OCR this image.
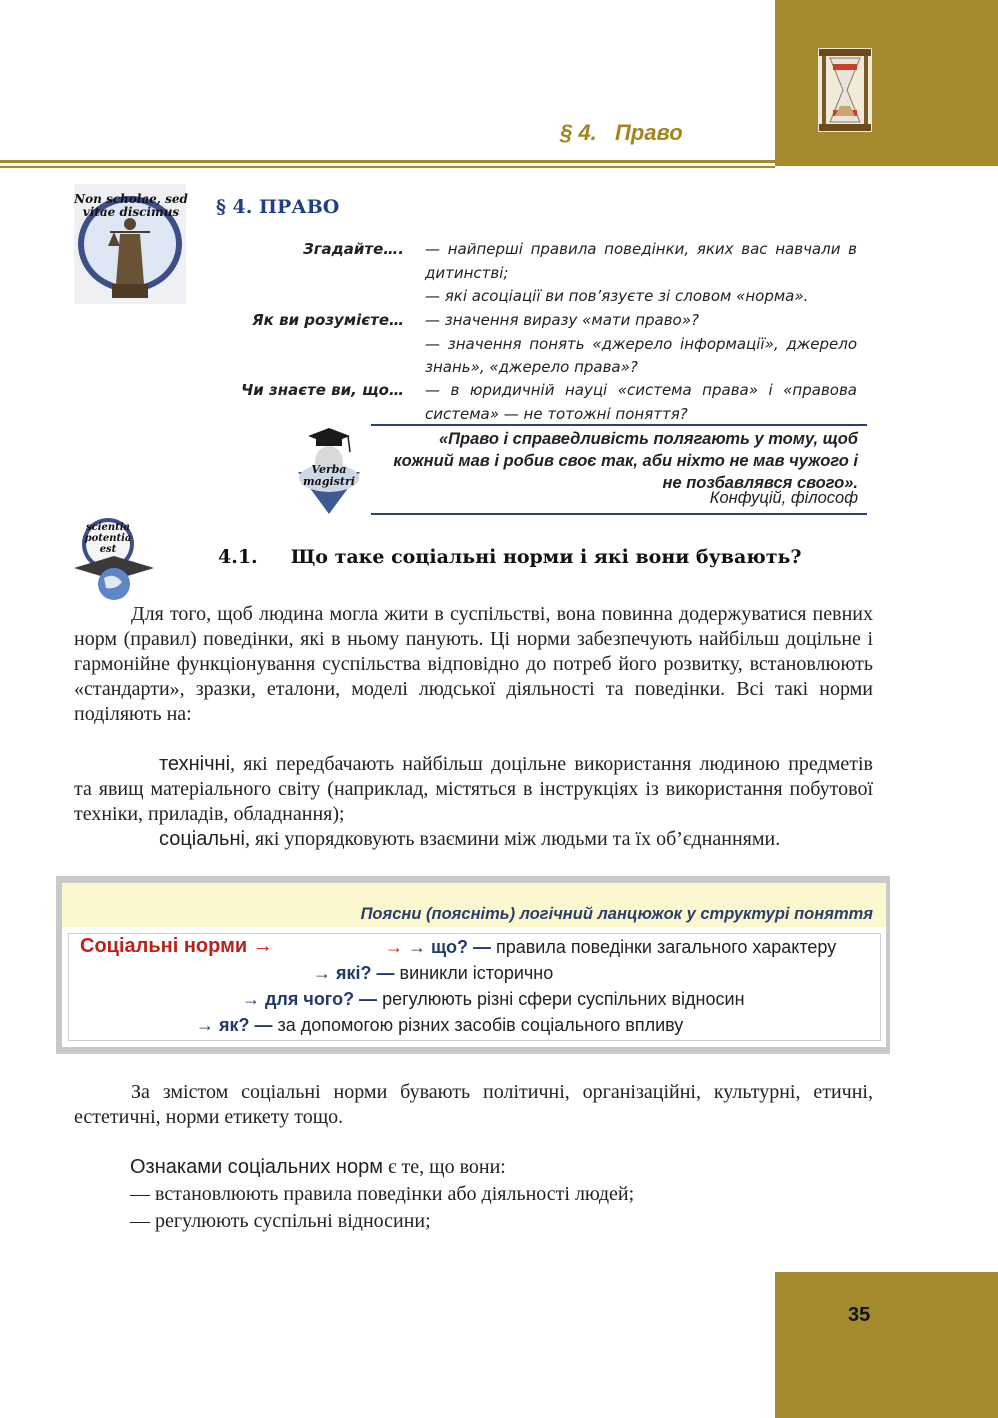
§ 4.   Право
Non scholae, sed vitae discimus	§ 4. ПРАВО
Згадайте…. — найперші правила поведінки, яких вас навчали в дитинстві;
— які асоціації ви пов’язуєте зі словом «норма».
Як ви розумієте… — значення виразу «мати право»?
— значення понять «джерело інформації», джерело знань», «джерело права»?
Чи знаєте ви, що… — в юридичній науці «система права» і «правова система» — не тотожні поняття?
Verba magistri
«Право і справедливість полягають у тому, щоб кожний мав і робив своє так, аби ніхто не мав чужого і не позбавлявся свого».
Конфуцій, філософ
scientia potentia est	4.1.     Що таке соціальні норми і які вони бувають?
Для того, щоб людина могла жити в суспільстві, вона повинна додержуватися певних норм (правил) поведінки, які в ньому панують. Ці норми забезпечують найбільш доцільне і гармонійне функціонування суспільства відповідно до потреб його розвитку, встановлюють «стандарти», зразки, еталони, моделі людської діяльності та поведінки. Всі такі норми поділяють на:
технічні, які передбачають найбільш доцільне використання людиною предметів та явищ матеріального світу (наприклад, містяться в інструкціях із використання побутової техніки, приладів, обладнання);
соціальні, які упорядковують взаємини між людьми та їх об’єднаннями.
Поясни (поясніть) логічний ланцюжок у структурі поняття
Соціальні норми →	→ → що? — правила поведінки загального характеру
→ які? — виникли історично
→ для чого? — регулюють різні сфери суспільних відносин
→ як? — за допомогою різних засобів соціального впливу
За змістом соціальні норми бувають політичні, організаційні, культурні, етичні, естетичні, норми етикету тощо.
Ознаками соціальних норм є те, що вони:
— встановлюють правила поведінки або діяльності людей;
— регулюють суспільні відносини;
35
